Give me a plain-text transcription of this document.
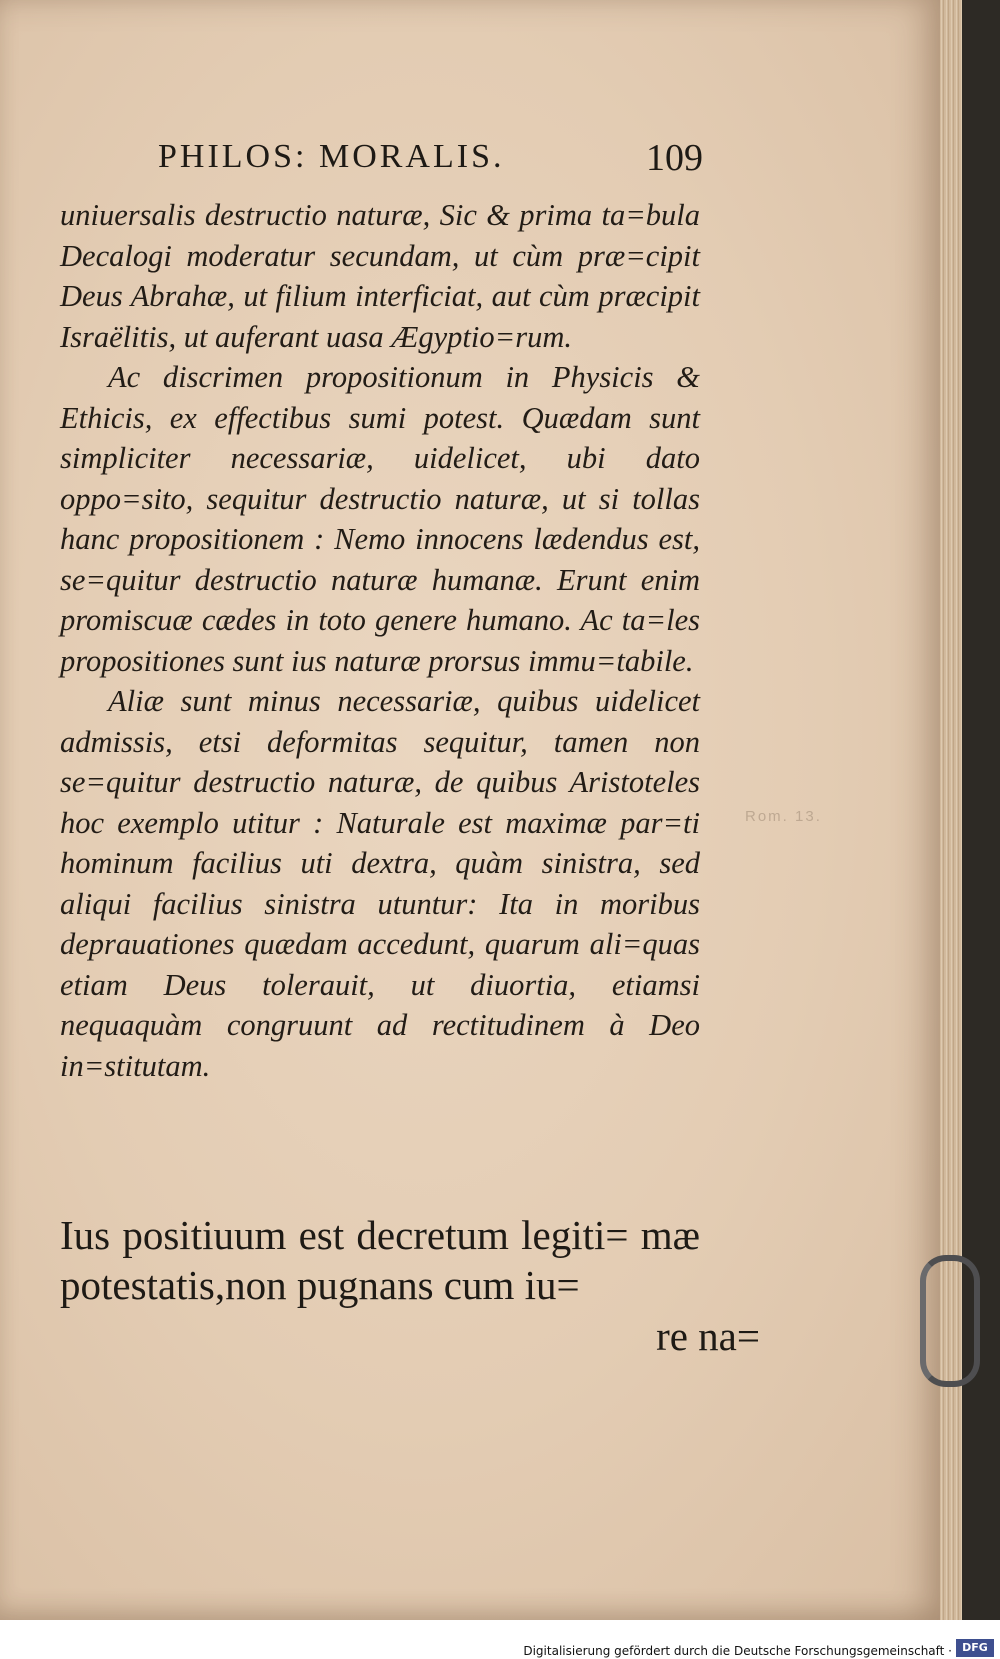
PHILOS: MORALIS.	109

uniuersalis destructio naturæ, Sic & prima ta=bula Decalogi moderatur secundam, ut cùm præ=cipit Deus Abrahæ, ut filium interficiat, aut cùm præcipit Israëlitis, ut auferant uasa Ægyptio=rum.

Ac discrimen propositionum in Physicis & Ethicis, ex effectibus sumi potest. Quædam sunt simpliciter necessariæ, uidelicet, ubi dato oppo=sito, sequitur destructio naturæ, ut si tollas hanc propositionem : Nemo innocens lædendus est, se=quitur destructio naturæ humanæ. Erunt enim promiscuæ cædes in toto genere humano. Ac ta=les propositiones sunt ius naturæ prorsus immu=tabile.

Aliæ sunt minus necessariæ, quibus uidelicet admissis, etsi deformitas sequitur, tamen non se=quitur destructio naturæ, de quibus Aristoteles hoc exemplo utitur : Naturale est maximæ par=ti hominum facilius uti dextra, quàm sinistra, sed aliqui facilius sinistra utuntur: Ita in moribus deprauationes quædam accedunt, quarum ali=quas etiam Deus tolerauit, ut diuortia, etiamsi nequaquàm congruunt ad rectitudinem à Deo in=stitutam.

Rom. 13.

Ius positiuum est decretum legiti= mæ potestatis,non pugnans cum iu=

re na=
Digitalisierung gefördert durch die Deutsche Forschungsgemeinschaft · DFG
